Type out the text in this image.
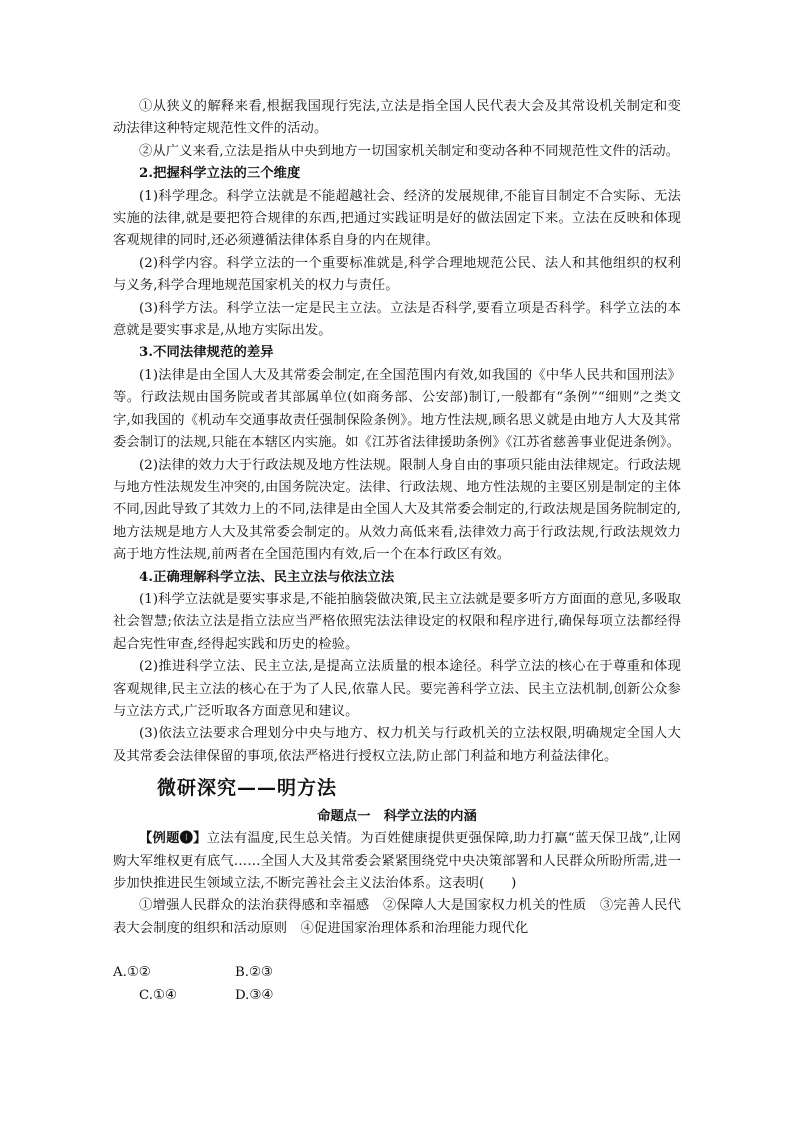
①从狭义的解释来看,根据我国现行宪法,立法是指全国人民代表大会及其常设机关制定和变动法律这种特定规范性文件的活动。

②从广义来看,立法是指从中央到地方一切国家机关制定和变动各种不同规范性文件的活动。

2.把握科学立法的三个维度

(1)科学理念。科学立法就是不能超越社会、经济的发展规律,不能盲目制定不合实际、无法实施的法律,就是要把符合规律的东西,把通过实践证明是好的做法固定下来。立法在反映和体现客观规律的同时,还必须遵循法律体系自身的内在规律。

(2)科学内容。科学立法的一个重要标准就是,科学合理地规范公民、法人和其他组织的权利与义务,科学合理地规范国家机关的权力与责任。

(3)科学方法。科学立法一定是民主立法。立法是否科学,要看立项是否科学。科学立法的本意就是要实事求是,从地方实际出发。

3.不同法律规范的差异

(1)法律是由全国人大及其常委会制定,在全国范围内有效,如我国的《中华人民共和国刑法》等。行政法规由国务院或者其部属单位(如商务部、公安部)制订,一般都有“条例”“细则”之类文字,如我国的《机动车交通事故责任强制保险条例》。地方性法规,顾名思义就是由地方人大及其常委会制订的法规,只能在本辖区内实施。如《江苏省法律援助条例》《江苏省慈善事业促进条例》。

(2)法律的效力大于行政法规及地方性法规。限制人身自由的事项只能由法律规定。行政法规与地方性法规发生冲突的,由国务院决定。法律、行政法规、地方性法规的主要区别是制定的主体不同,因此导致了其效力上的不同,法律是由全国人大及其常委会制定的,行政法规是国务院制定的,地方法规是地方人大及其常委会制定的。从效力高低来看,法律效力高于行政法规,行政法规效力高于地方性法规,前两者在全国范围内有效,后一个在本行政区有效。

4.正确理解科学立法、民主立法与依法立法

(1)科学立法就是要实事求是,不能拍脑袋做决策,民主立法就是要多听方方面面的意见,多吸取社会智慧;依法立法是指立法应当严格依照宪法法律设定的权限和程序进行,确保每项立法都经得起合宪性审查,经得起实践和历史的检验。

(2)推进科学立法、民主立法,是提高立法质量的根本途径。科学立法的核心在于尊重和体现客观规律,民主立法的核心在于为了人民,依靠人民。要完善科学立法、民主立法机制,创新公众参与立法方式,广泛听取各方面意见和建议。

(3)依法立法要求合理划分中央与地方、权力机关与行政机关的立法权限,明确规定全国人大及其常委会法律保留的事项,依法严格进行授权立法,防止部门利益和地方利益法律化。

微研深究——明方法
命题点一　科学立法的内涵

【例题❶】立法有温度,民生总关情。为百姓健康提供更强保障,助力打赢“蓝天保卫战”,让网购大军维权更有底气……全国人大及其常委会紧紧围绕党中央决策部署和人民群众所盼所需,进一步加快推进民生领域立法,不断完善社会主义法治体系。这表明(　　)

①增强人民群众的法治获得感和幸福感　②保障人大是国家权力机关的性质　③完善人民代表大会制度的组织和活动原则　④促进国家治理体系和治理能力现代化

A.①②	B.②③
C.①④	D.③④
